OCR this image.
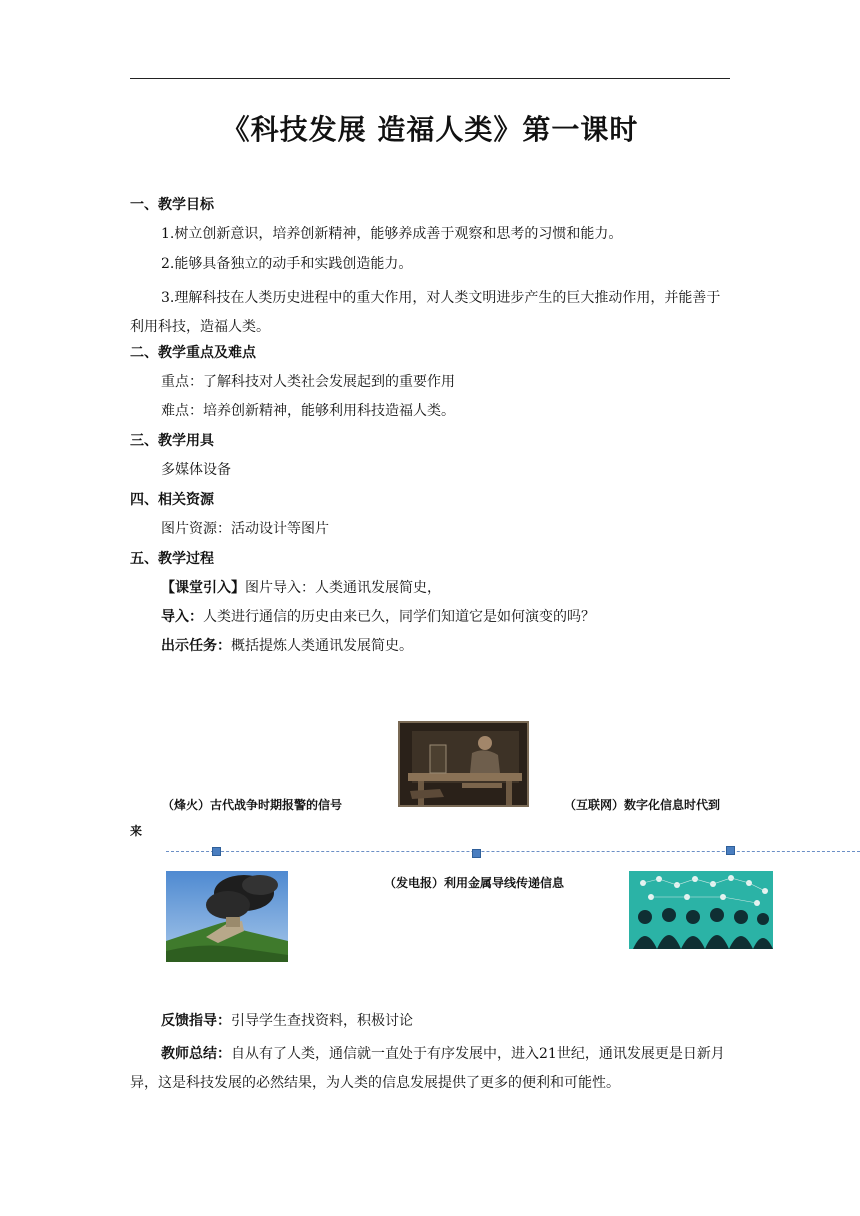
《科技发展 造福人类》第一课时
一、教学目标
1.树立创新意识，培养创新精神，能够养成善于观察和思考的习惯和能力。
2.能够具备独立的动手和实践创造能力。
3.理解科技在人类历史进程中的重大作用，对人类文明进步产生的巨大推动作用，并能善于利用科技，造福人类。
二、教学重点及难点
重点：了解科技对人类社会发展起到的重要作用
难点：培养创新精神，能够利用科技造福人类。
三、教学用具
多媒体设备
四、相关资源
图片资源：活动设计等图片
五、教学过程
【课堂引入】图片导入：人类通讯发展简史，
导入：人类进行通信的历史由来已久，同学们知道它是如何演变的吗？
出示任务：概括提炼人类通讯发展简史。
（烽火）古代战争时期报警的信号	（互联网）数字化信息时代到
来
（发电报）利用金属导线传递信息
反馈指导：引导学生查找资料，积极讨论
教师总结：自从有了人类，通信就一直处于有序发展中，进入21世纪，通讯发展更是日新月异，这是科技发展的必然结果，为人类的信息发展提供了更多的便利和可能性。
